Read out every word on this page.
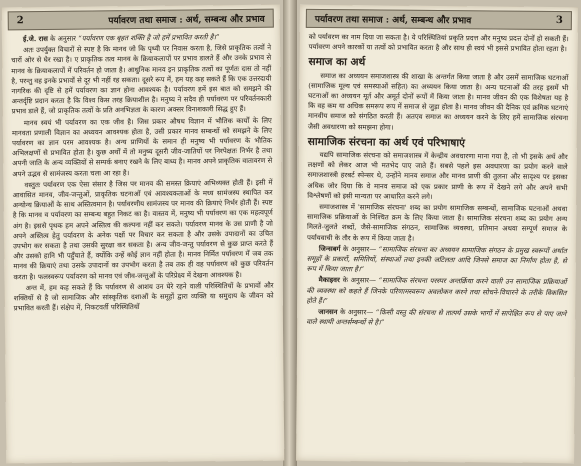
2	पर्यावरण तथा समाज : अर्थ, सम्बन्ध और प्रभाव

ई.जे. रास के अनुसार “पर्यावरण एक बृहत शक्ति है जो हमें प्रभावित करती है।”

अतः उपर्युक्त विचारों से स्पष्ट है कि मानव जो कि पृथ्वी पर निवास करता है, जिसे प्राकृतिक तत्वों ने चारों ओर से घेर रखा है। ए प्राकृतिक तत्व मानव के क्रियाकलापों पर प्रभाव डालते हैं और उनके प्रभाव से मानव के क्रियाकलापों में परिवर्तन हो जाता है। आधुनिक मानव इन प्राकृतिक तत्वों का पूर्णतः दास तो नहीं है, परन्तु वह इनके प्रभावों से दूर भी नहीं रह सकता। दूसरे रूप में, हम यह कह सकते हैं कि एक उत्तरदायी नागरिक की दृष्टि से हमें पर्यावरण का ज्ञान होना आवश्यक है। पर्यावरण हमें इस बात को समझने की अन्तर्दृष्टि प्रदान करता है कि विश्व किस तरह क्रियाशील है। मनुष्य ने सदैव ही पर्यावरण पर परिवर्तनकारी प्रभाव डाले हैं, जो प्राकृतिक तत्वों के प्रति अनभिज्ञता के कारण अक्सर विनाशकारी सिद्ध हुए हैं।

मानव स्वयं भी पर्यावरण का एक जीव है। जिस प्रकार औषध विज्ञान में भौतिक कार्यों के लिए मानवता प्रणाली विज्ञान का अध्ययन आवश्यक होता है, उसी प्रकार मानव सम्बन्धों को समझने के लिए पर्यावरण का ज्ञान परम आवश्यक है। अन्य प्राणियों के समान ही मनुष्य भी पर्यावरण के भौतिक अभिलक्षणों से प्रभावित होता है। कुछ अर्थों में तो मनुष्य दूसरी जीव-जातियों पर निरपेक्षतः निर्भर है तथा अपनी जाति के अन्य व्यक्तियों से सम्पर्क बनाए रखने के लिए बाध्य है। मानव अपने प्राकृतिक वातावरण से अपने उद्भव से सामंजस्य करता चला आ रहा है।

वस्तुतः पर्यावरण एक ऐसा संसार है जिस पर मानव की समस्त क्रियाएं अभिव्यक्त होती हैं। इसी में आवासित मानव, जीव-जन्तुओं, प्राकृतिक घटनाओं एवं आवश्यकताओं के मध्य सामंजस्य स्थापित कर अन्योन्य क्रियाओं के साथ अस्तित्वमान है। पर्यावरणीय सामंजस्य पर मानव की क्रियाएं निर्भर होती हैं। स्पष्ट है कि मानव व पर्यावरण का सम्बन्ध बहुत निकट का है। वास्तव में, मनुष्य भी पर्यावरण का एक महत्वपूर्ण अंग है। इससे पृथक हम अपने अस्तित्व की कल्पना नहीं कर सकते। पर्यावरण मानव के उस प्राणी है जो अपने अस्तित्व हेतु पर्यावरण के अनेक पक्षों पर विचार कर सकता है और उसके उपादानों का उचित उपभोग कर सकता है तथा उसकी सुरक्षा कर सकता है। अन्य जीव-जन्तु पर्यावरण से कुछ प्राप्त करते हैं और उसको हानि भी पहुँचाते हैं, क्योंकि उन्हें कोई ज्ञान नहीं होता है। मानव निर्मित पर्यावरण में जब तक मानव की क्रियाएं तथा उसके उपादानों का उपभोग करता है तब तक ही वह पर्यावरण को कुछ परिवर्तन करता है। फलस्वरूप पर्यावरण को मानव एवं जीव-जन्तुओं के परिप्रेक्ष्य में देखना आवश्यक है।

अन्त में, हम कह सकते हैं कि पर्यावरण से आशय उन घेरे रहने वाली परिस्थितियों के प्रभावों और शक्तियों से है जो सामाजिक और सांस्कृतिक दशाओं के समूहों द्वारा व्यक्ति या समुदाय के जीवन को प्रभावित करती हैं। संक्षेप में, निकटवर्ती परिस्थितियों

पर्यावरण तथा समाज : अर्थ, सम्बन्ध और प्रभाव	3

को पर्यावरण का नाम दिया जा सकता है। ये परिस्थितियां प्रकृति प्रदत्त और मनुष्य प्रदत्त दोनों हो सकती हैं। पर्यावरण अपने कारकों या तत्वों को प्रभावित करता है और साथ ही स्वयं भी इससे प्रभावित होता रहता है।

समाज का अर्थ

समाज का अध्ययन समाजशास्त्र की शाखा के अन्तर्गत किया जाता है और उसमें सामाजिक घटनाओं (सामाजिक मूल्य एवं समस्याओं सहित) का अध्ययन किया जाता है। अन्य घटनाओं की तरह इसमें भी घटनाओं का अध्ययन मूर्त और अमूर्त दोनों रूपों में किया जाता है। मानव जीवन की एक विशेषता यह है कि वह कम या अधिक समरूप रूप में समाज से जुड़ा होता है। मानव जीवन की दैनिक एवं क्रमिक घटनाएं मानवीय समाज को संगठित करती हैं। अतएव समाज का अध्ययन करने के लिए हमें सामाजिक संरचना जैसी अवधारणा को समझना होगा।

सामाजिक संरचना का अर्थ एवं परिभाषाएं

यद्यपि सामाजिक संरचना को समाजशास्त्र में केन्द्रीय अवधारणा माना गया है, तो भी इसके अर्थ और लक्षणों को लेकर आज भी मतभेद पाए जाते हैं। सबसे पहले इस अवधारणा का प्रयोग करने वाले समाजशास्त्री हरबर्ट स्पेन्सर थे, उन्होंने मानव समाज और मानव प्राणी की तुलना और सादृश्य पर इसका अधिक जोर दिया कि वे मानव समाज को एक प्रकार प्राणी के रूप में देखने लगे और अपने सभी विश्लेषणों को इसी मान्यता पर आधारित करने लगे।

समाजशास्त्र में 'सामाजिक संरचना' शब्द का प्रयोग सामाजिक सम्बन्धों, सामाजिक घटनाओं अथवा सामाजिक प्रक्रियाओं के निश्चित क्रम के लिए किया जाता है। सामाजिक संरचना शब्द का प्रयोग अन्य मिलते-जुलते शब्दों, जैसे-सामाजिक संगठन, सामाजिक व्यवस्था, प्रतिमान अथवा सम्पूर्ण समाज के पर्यायवाची के तौर के रूप में किया जाता है।

जिन्सबर्ग के अनुसार— “सामाजिक संरचना का अध्ययन सामाजिक संगठन के प्रमुख स्वरूपों अर्थात समूहों के प्रकारों, समितियों, संस्थाओं तथा इनकी जटिलता आदि जिनसे समाज का निर्माण होता है, से रूप में किया जाता है।”

मैकाइवर के अनुसार— “सामाजिक संरचना परस्पर अन्तर्क्रिया करने वाली उन सामाजिक प्रक्रियाओं की व्यवस्था को कहते हैं जिनके परिणामस्वरूप अवलोकन करने तथा सोचने-विचारने के तरीके विकसित होते हैं।”

जानसन के अनुसार— “किसी वस्तु की संरचना से तात्पर्य उसके भागों में सापेक्षित रूप से पाए जाने वाले स्थायी अन्तर्सम्बन्धों से है।”
